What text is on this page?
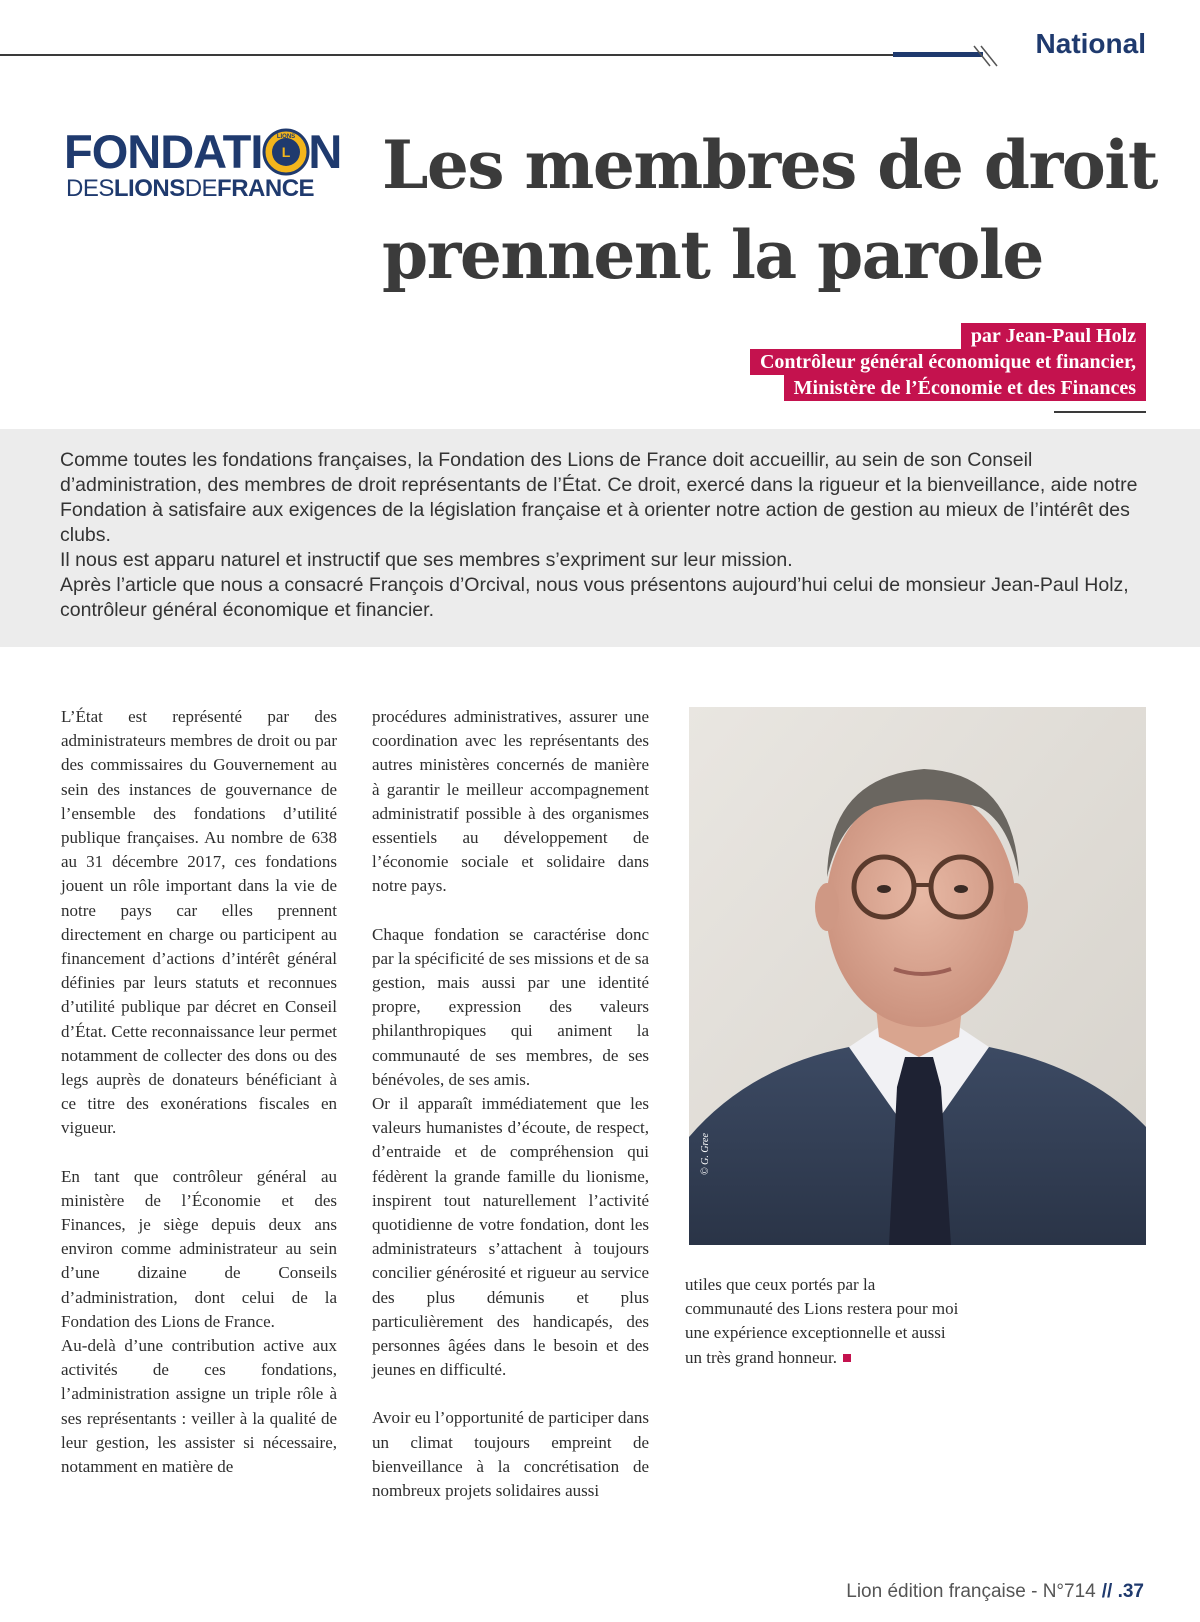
National
FONDATI N
L
LIONS
DESLIONSDEFRANCE Les membres de droit
prennent la parole
par Jean-Paul Holz
Contrôleur général économique et financier,
Ministère de l’Économie et des Finances

Comme toutes les fondations françaises, la Fondation des Lions de France doit accueillir, au sein de son Conseil d’administration, des membres de droit représentants de l’État. Ce droit, exercé dans la rigueur et la bienveillance, aide notre Fondation à satisfaire aux exigences de la législation française et à orienter notre action de gestion au mieux de l’intérêt des clubs.

Il nous est apparu naturel et instructif que ses membres s’expriment sur leur mission.

Après l’article que nous a consacré François d’Orcival, nous vous présentons aujourd’hui celui de monsieur Jean-Paul Holz, contrôleur général économique et financier.

L’État est représenté par des administrateurs membres de droit ou par des commissaires du Gouvernement au sein des instances de gouvernance de l’ensemble des fondations d’utilité publique françaises. Au nombre de 638 au 31 décembre 2017, ces fondations jouent un rôle important dans la vie de notre pays car elles prennent directement en charge ou participent au financement d’actions d’intérêt général définies par leurs statuts et reconnues d’utilité publique par décret en Conseil d’État. Cette reconnaissance leur permet notamment de collecter des dons ou des legs auprès de donateurs bénéficiant à ce titre des exonérations fiscales en vigueur.

En tant que contrôleur général au ministère de l’Économie et des Finances, je siège depuis deux ans environ comme administrateur au sein d’une dizaine de Conseils d’administration, dont celui de la Fondation des Lions de France.

Au-delà d’une contribution active aux activités de ces fondations, l’administration assigne un triple rôle à ses représentants : veiller à la qualité de leur gestion, les assister si nécessaire, notamment en matière de

procédures administratives, assurer une coordination avec les représentants des autres ministères concernés de manière à garantir le meilleur accompagnement administratif possible à des organismes essentiels au développement de l’économie sociale et solidaire dans notre pays.

Chaque fondation se caractérise donc par la spécificité de ses missions et de sa gestion, mais aussi par une identité propre, expression des valeurs philanthropiques qui animent la communauté de ses membres, de ses bénévoles, de ses amis.

Or il apparaît immédiatement que les valeurs humanistes d’écoute, de respect, d’entraide et de compréhension qui fédèrent la grande famille du lionisme, inspirent tout naturellement l’activité quotidienne de votre fondation, dont les administrateurs s’attachent à toujours concilier générosité et rigueur au service des plus démunis et plus particulièrement des handicapés, des personnes âgées dans le besoin et des jeunes en difficulté.

Avoir eu l’opportunité de participer dans un climat toujours empreint de bienveillance à la concrétisation de nombreux projets solidaires aussi

© G. Gree

utiles que ceux portés par la communauté des Lions restera pour moi une expérience exceptionnelle et aussi un très grand honneur.

Lion édition française - N°714 // .37
